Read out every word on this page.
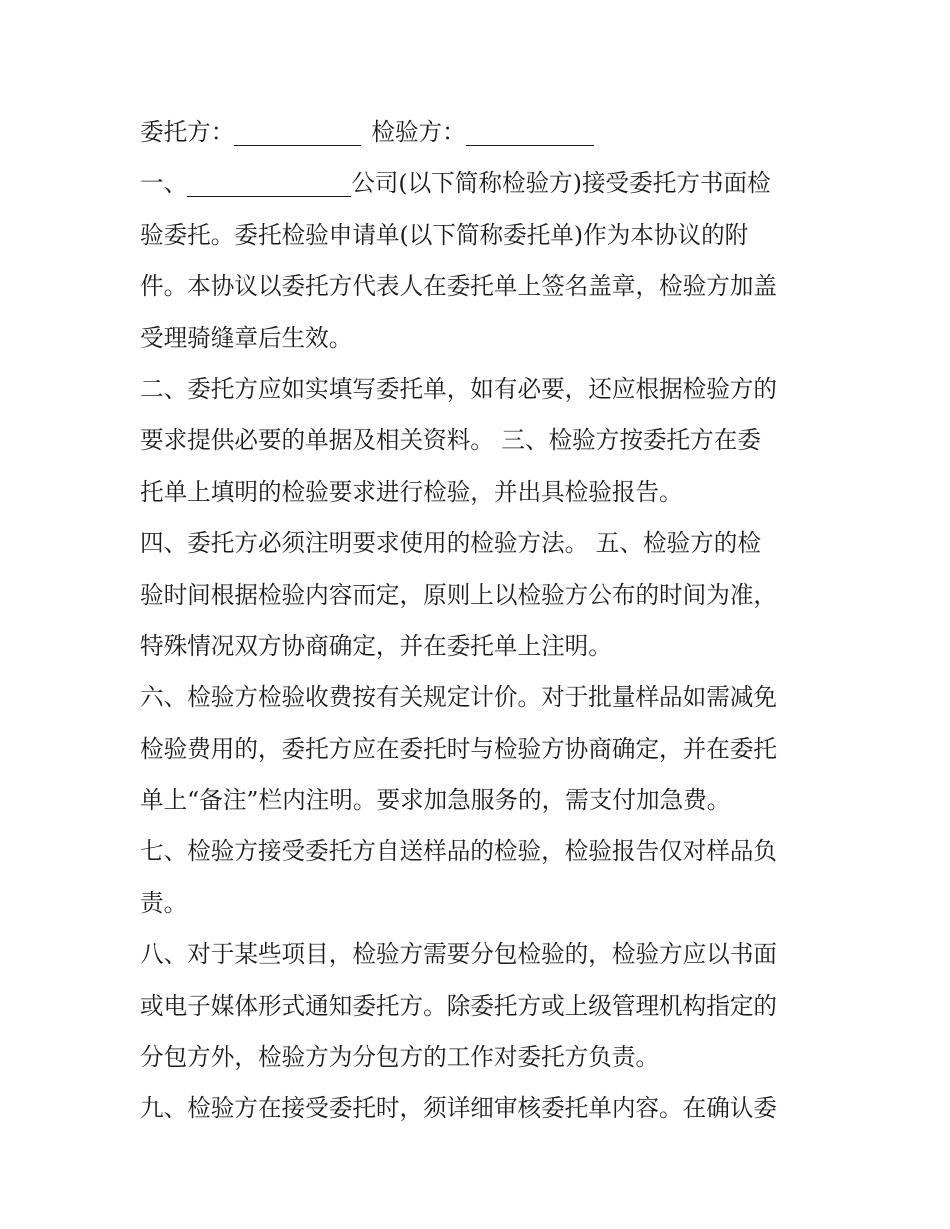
委托方：	检验方：
一、	公司(以下简称检验方)接受委托方书面检
验委托。委托检验申请单(以下简称委托单)作为本协议的附
件。本协议以委托方代表人在委托单上签名盖章，检验方加盖
受理骑缝章后生效。
二、委托方应如实填写委托单，如有必要，还应根据检验方的
要求提供必要的单据及相关资料。 三、检验方按委托方在委
托单上填明的检验要求进行检验，并出具检验报告。
四、委托方必须注明要求使用的检验方法。 五、检验方的检
验时间根据检验内容而定，原则上以检验方公布的时间为准，
特殊情况双方协商确定，并在委托单上注明。
六、检验方检验收费按有关规定计价。对于批量样品如需减免
检验费用的，委托方应在委托时与检验方协商确定，并在委托
单上“备注”栏内注明。要求加急服务的，需支付加急费。
七、检验方接受委托方自送样品的检验，检验报告仅对样品负
责。
八、对于某些项目，检验方需要分包检验的，检验方应以书面
或电子媒体形式通知委托方。除委托方或上级管理机构指定的
分包方外，检验方为分包方的工作对委托方负责。
九、检验方在接受委托时，须详细审核委托单内容。在确认委
